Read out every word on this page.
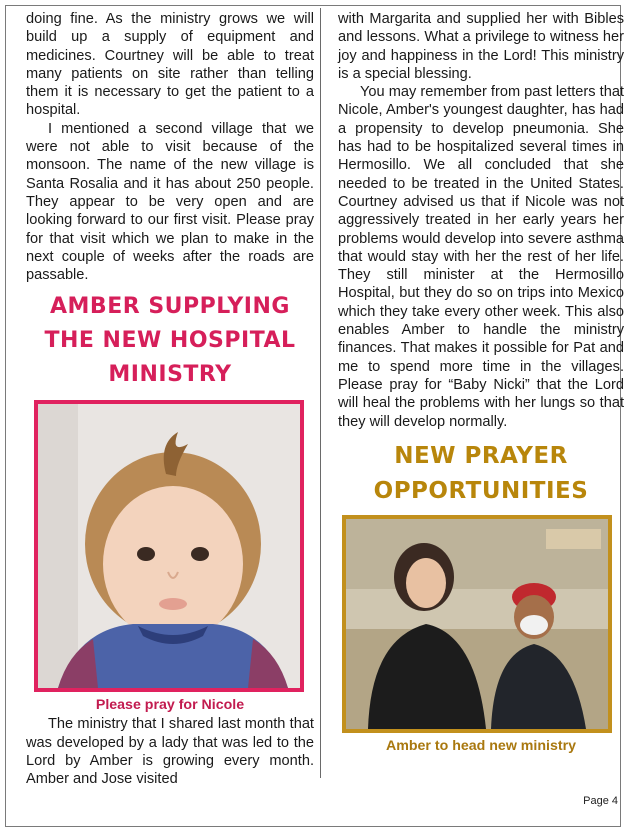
doing fine. As the ministry grows we will build up a supply of equipment and medicines. Courtney will be able to treat many patients on site rather than telling them it is necessary to get the patient to a hospital.

I mentioned a second village that we were not able to visit because of the monsoon. The name of the new village is Santa Rosalia and it has about 250 people. They appear to be very open and are looking forward to our first visit. Please pray for that visit which we plan to make in the next couple of weeks after the roads are passable.

AMBER SUPPLYING
THE NEW HOSPITAL
MINISTRY
Please pray for Nicole

The ministry that I shared last month that was developed by a lady that was led to the Lord by Amber is growing every month. Amber and Jose visited

with Margarita and supplied her with Bibles and lessons. What a privilege to witness her joy and happiness in the Lord! This ministry is a special blessing.

You may remember from past letters that Nicole, Amber's youngest daughter, has had a propensity to develop pneumonia. She has had to be hospitalized several times in Hermosillo. We all concluded that she needed to be treated in the United States. Courtney advised us that if Nicole was not aggressively treated in her early years her problems would develop into severe asthma that would stay with her the rest of her life. They still minister at the Hermosillo Hospital, but they do so on trips into Mexico which they take every other week. This also enables Amber to handle the ministry finances. That makes it possible for Pat and me to spend more time in the villages. Please pray for “Baby Nicki” that the Lord will heal the problems with her lungs so that they will develop normally.

NEW PRAYER
OPPORTUNITIES
Amber to head new ministry
Page 4
